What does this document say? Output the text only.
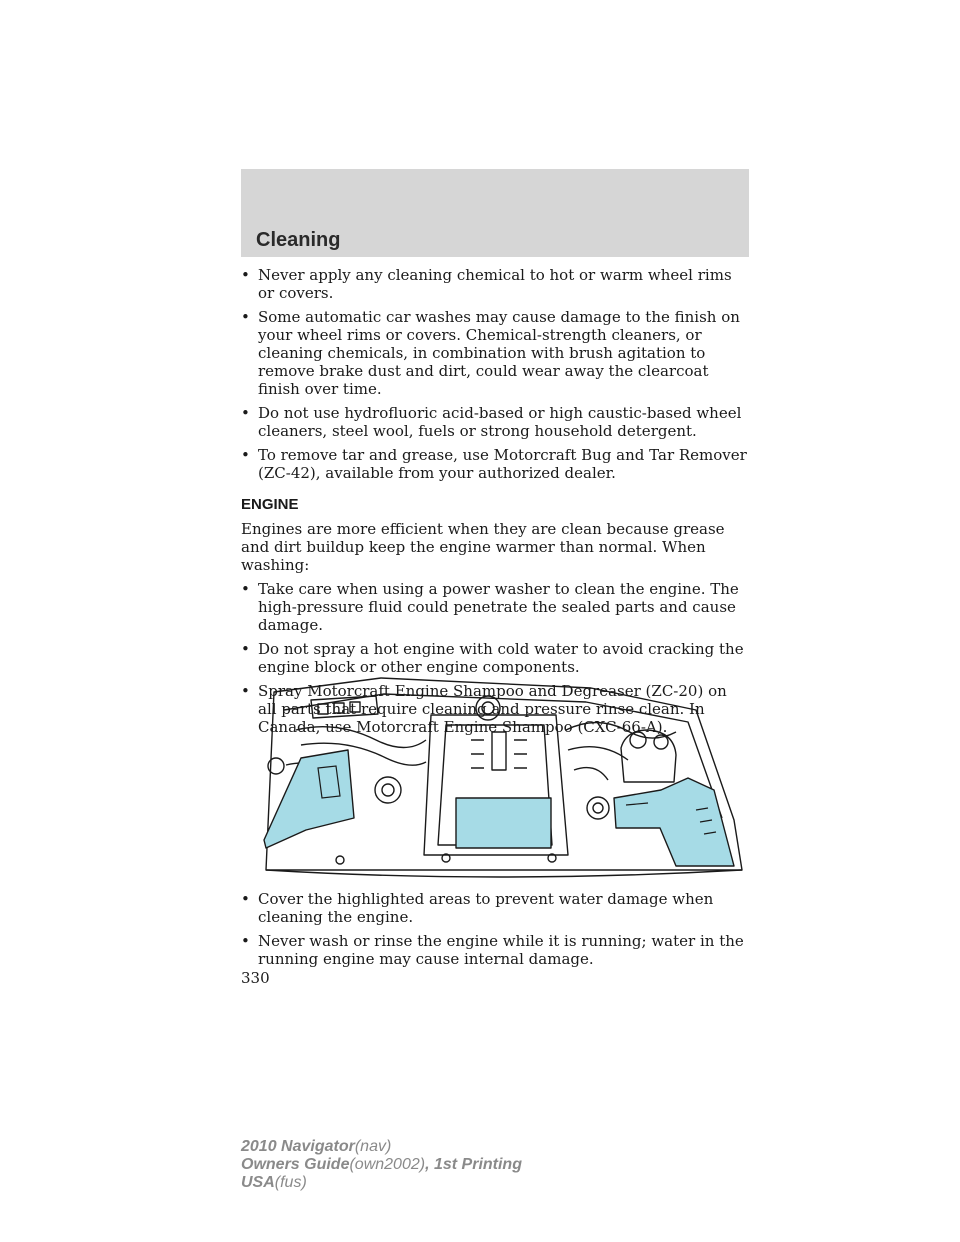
Cleaning
• Never apply any cleaning chemical to hot or warm wheel rims or covers.
• Some automatic car washes may cause damage to the finish on your wheel rims or covers. Chemical-strength cleaners, or cleaning chemicals, in combination with brush agitation to remove brake dust and dirt, could wear away the clearcoat finish over time.
• Do not use hydrofluoric acid-based or high caustic-based wheel cleaners, steel wool, fuels or strong household detergent.
• To remove tar and grease, use Motorcraft Bug and Tar Remover (ZC-42), available from your authorized dealer.
ENGINE
Engines are more efficient when they are clean because grease and dirt buildup keep the engine warmer than normal. When washing:
• Take care when using a power washer to clean the engine. The high-pressure fluid could penetrate the sealed parts and cause damage.
• Do not spray a hot engine with cold water to avoid cracking the engine block or other engine components.
• Spray Motorcraft Engine Shampoo and Degreaser (ZC-20) on all parts that require cleaning and pressure rinse clean. In Canada, use Motorcraft Engine Shampoo (CXC-66-A).
• Cover the highlighted areas to prevent water damage when cleaning the engine.
• Never wash or rinse the engine while it is running; water in the running engine may cause internal damage.
330
2010 Navigator(nav)
Owners Guide(own2002), 1st Printing
USA(fus)
